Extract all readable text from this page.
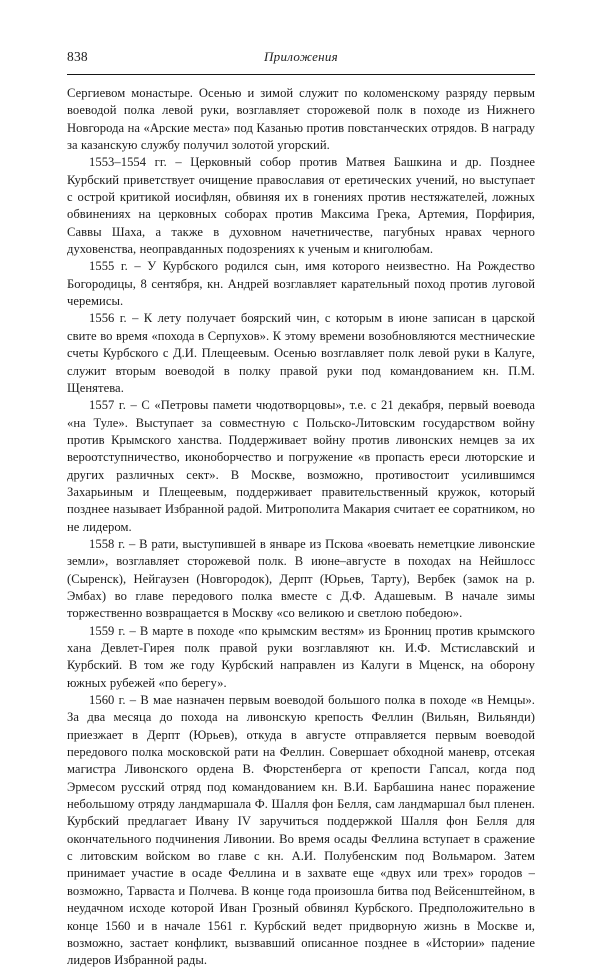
838	Приложения

Сергиевом монастыре. Осенью и зимой служит по коломенскому разряду первым воеводой полка левой руки, возглавляет сторожевой полк в походе из Нижнего Новгорода на «Арские места» под Казанью против повстанческих отрядов. В награду за казанскую службу получил золотой угорский.

1553–1554 гг. – Церковный собор против Матвея Башкина и др. Позднее Курбский приветствует очищение православия от еретических учений, но выступает с острой критикой иосифлян, обвиняя их в гонениях против нестяжателей, ложных обвинениях на церковных соборах против Максима Грека, Артемия, Порфирия, Саввы Шаха, а также в духовном начетничестве, пагубных нравах черного духовенства, неоправданных подозрениях к ученым и книголюбам.

1555 г. – У Курбского родился сын, имя которого неизвестно. На Рождество Богородицы, 8 сентября, кн. Андрей возглавляет карательный поход против луговой черемисы.

1556 г. – К лету получает боярский чин, с которым в июне записан в царской свите во время «похода в Серпухов». К этому времени возобновляются местнические счеты Курбского с Д.И. Плещеевым. Осенью возглавляет полк левой руки в Калуге, служит вторым воеводой в полку правой руки под командованием кн. П.М. Щенятева.

1557 г. – С «Петровы памети чюдотворцовы», т.е. с 21 декабря, первый воевода «на Туле». Выступает за совместную с Польско-Литовским государством войну против Крымского ханства. Поддерживает войну против ливонских немцев за их вероотступничество, иконоборчество и погружение «в пропасть ереси люторские и других различных сект». В Москве, возможно, противостоит усилившимся Захарьиным и Плещеевым, поддерживает правительственный кружок, который позднее называет Избранной радой. Митрополита Макария считает ее соратником, но не лидером.

1558 г. – В рати, выступившей в январе из Пскова «воевать неметцкие ливонские земли», возглавляет сторожевой полк. В июне–августе в походах на Нейшлосс (Сыренск), Нейгаузен (Новгородок), Дерпт (Юрьев, Тарту), Вербек (замок на р. Эмбах) во главе передового полка вместе с Д.Ф. Адашевым. В начале зимы торжественно возвращается в Москву «со великою и светлою победою».

1559 г. – В марте в походе «по крымским вестям» из Бронниц против крымского хана Девлет-Гирея полк правой руки возглавляют кн. И.Ф. Мстиславский и Курбский. В том же году Курбский направлен из Калуги в Мценск, на оборону южных рубежей «по берегу».

1560 г. – В мае назначен первым воеводой большого полка в походе «в Немцы». За два месяца до похода на ливонскую крепость Феллин (Вильян, Вильянди) приезжает в Дерпт (Юрьев), откуда в августе отправляется первым воеводой передового полка московской рати на Феллин. Совершает обходной маневр, отсекая магистра Ливонского ордена В. Фюрстенберга от крепости Гапсал, когда под Эрмесом русский отряд под командованием кн. В.И. Барбашина нанес поражение небольшому отряду ландмаршала Ф. Шалля фон Белля, сам ландмаршал был пленен. Курбский предлагает Ивану IV заручиться поддержкой Шалля фон Белля для окончательного подчинения Ливонии. Во время осады Феллина вступает в сражение с литовским войском во главе с кн. А.И. Полубенским под Вольмаром. Затем принимает участие в осаде Феллина и в захвате еще «двух или трех» городов – возможно, Тарваста и Полчева. В конце года произошла битва под Вейсенштейном, в неудачном исходе которой Иван Грозный обвинял Курбского. Предположительно в конце 1560 и в начале 1561 г. Курбский ведет придворную жизнь в Москве и, возможно, застает конфликт, вызвавший описанное позднее в «Истории» падение лидеров Избранной рады.
